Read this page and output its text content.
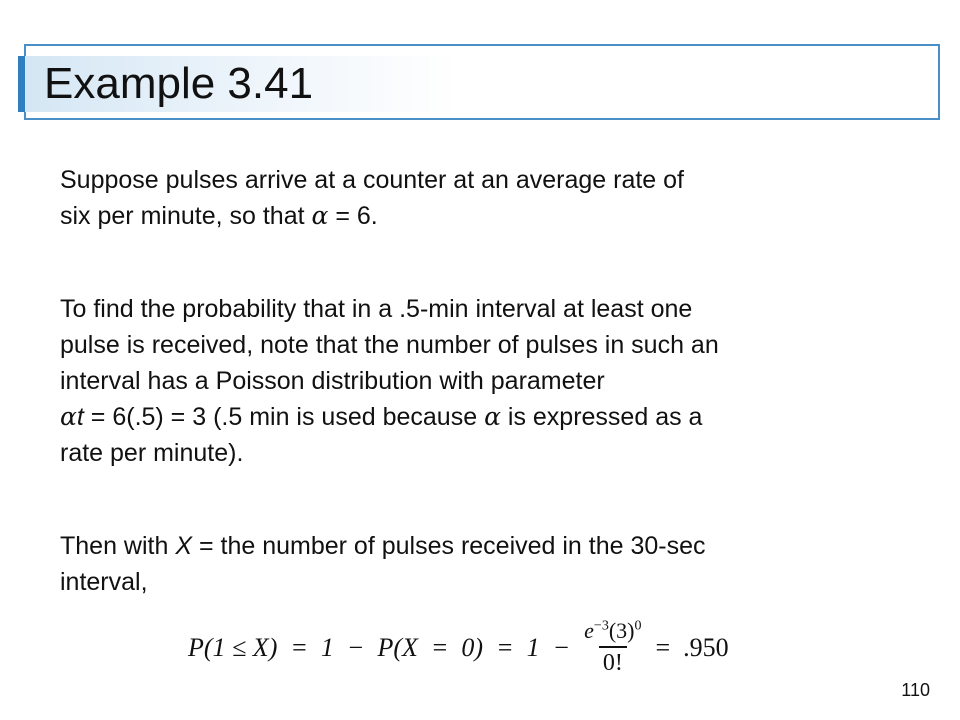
Example 3.41

Suppose pulses arrive at a counter at an average rate of
six per minute, so that α = 6.

To find the probability that in a .5-min interval at least one
pulse is received, note that the number of pulses in such an
interval has a Poisson distribution with parameter
αt = 6(.5) = 3 (.5 min is used because α is expressed as a
rate per minute).

Then with X = the number of pulses received in the 30-sec
interval,

$P(1 \le X) = 1 - P(X = 0) = 1 - \frac{e^{-3}(3)^0}{0!} = .950$
110
